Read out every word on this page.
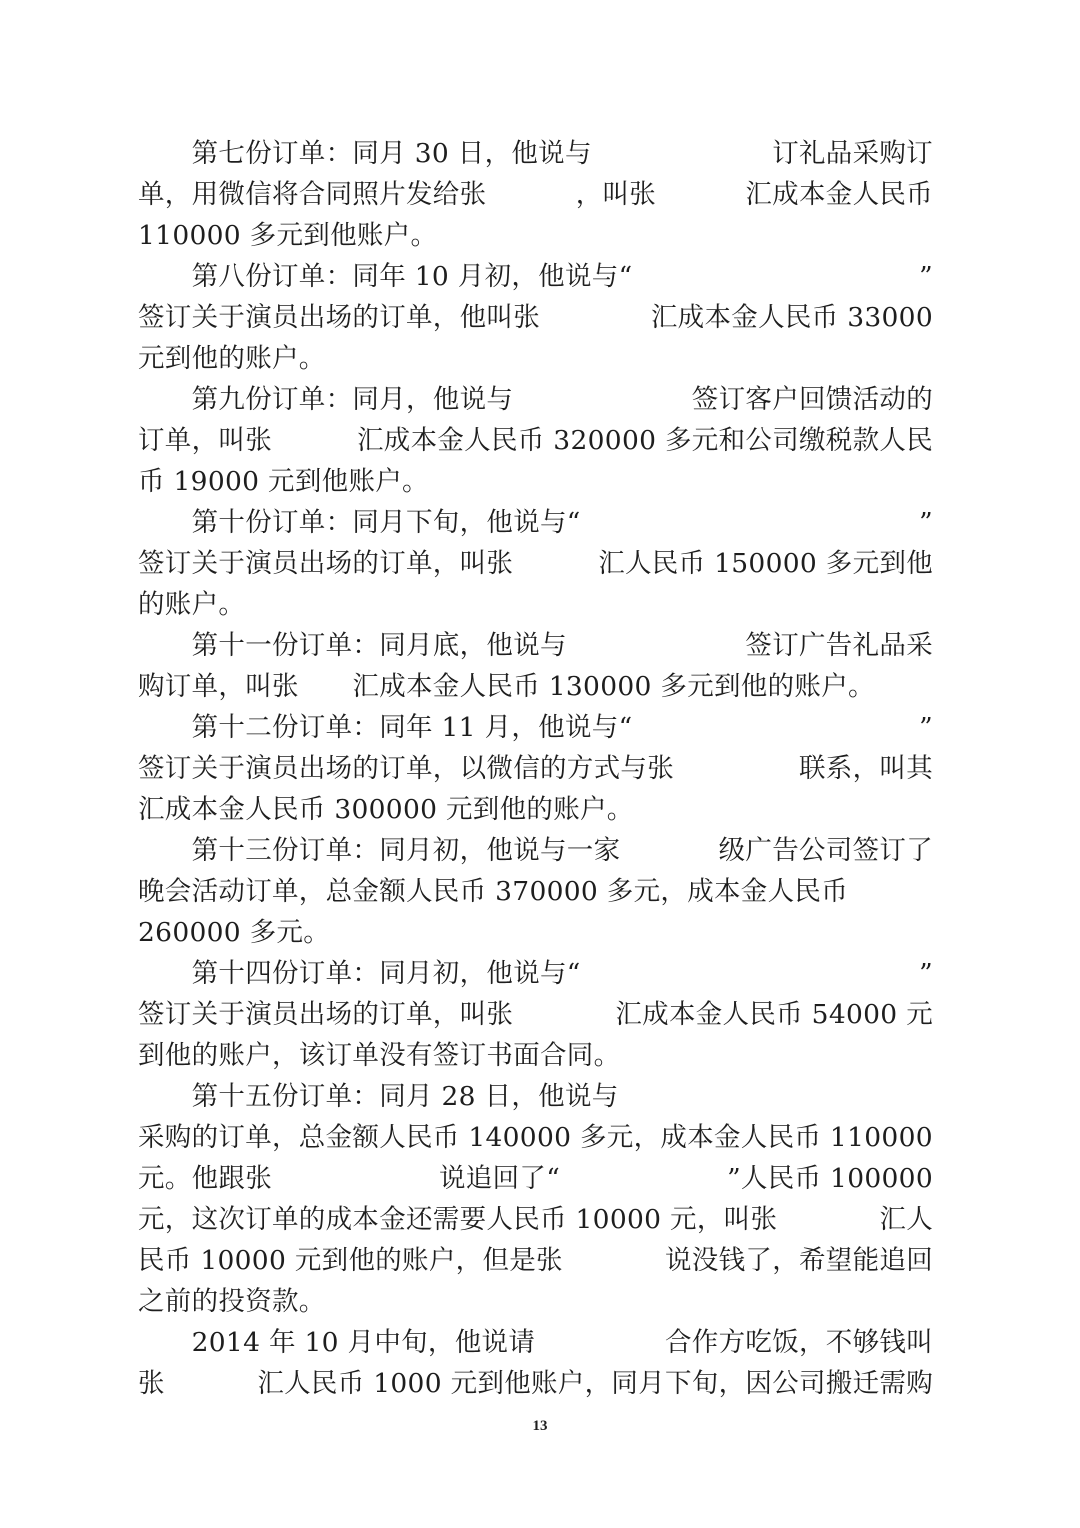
　　第七份订单：同月 30 日，他说与	订礼品采购订
单，用微信将合同照片发给张	，叫张	汇成本金人民币
110000 多元到他账户。
　　第八份订单：同年 10 月初，他说与“	”
签订关于演员出场的订单，他叫张	汇成本金人民币 33000
元到他的账户。
　　第九份订单：同月，他说与	签订客户回馈活动的
订单，叫张	汇成本金人民币 320000 多元和公司缴税款人民
币 19000 元到他账户。
　　第十份订单：同月下旬，他说与“	”
签订关于演员出场的订单，叫张	汇人民币 150000 多元到他
的账户。
　　第十一份订单：同月底，他说与	签订广告礼品采
购订单，叫张　　汇成本金人民币 130000 多元到他的账户。
　　第十二份订单：同年 11 月，他说与“	”
签订关于演员出场的订单，以微信的方式与张	联系，叫其
汇成本金人民币 300000 元到他的账户。
　　第十三份订单：同月初，他说与一家	级广告公司签订了
晚会活动订单，总金额人民币 370000 多元，成本金人民币
260000 多元。
　　第十四份订单：同月初，他说与“	”
签订关于演员出场的订单，叫张	汇成本金人民币 54000 元
到他的账户，该订单没有签订书面合同。
　　第十五份订单：同月 28 日，他说与
采购的订单，总金额人民币 140000 多元，成本金人民币 110000
元。他跟张	说追回了“	”人民币 100000
元，这次订单的成本金还需要人民币 10000 元，叫张	汇人
民币 10000 元到他的账户，但是张	说没钱了，希望能追回
之前的投资款。
　　2014 年 10 月中旬，他说请	合作方吃饭，不够钱叫
张	汇人民币 1000 元到他账户，同月下旬，因公司搬迁需购
13
